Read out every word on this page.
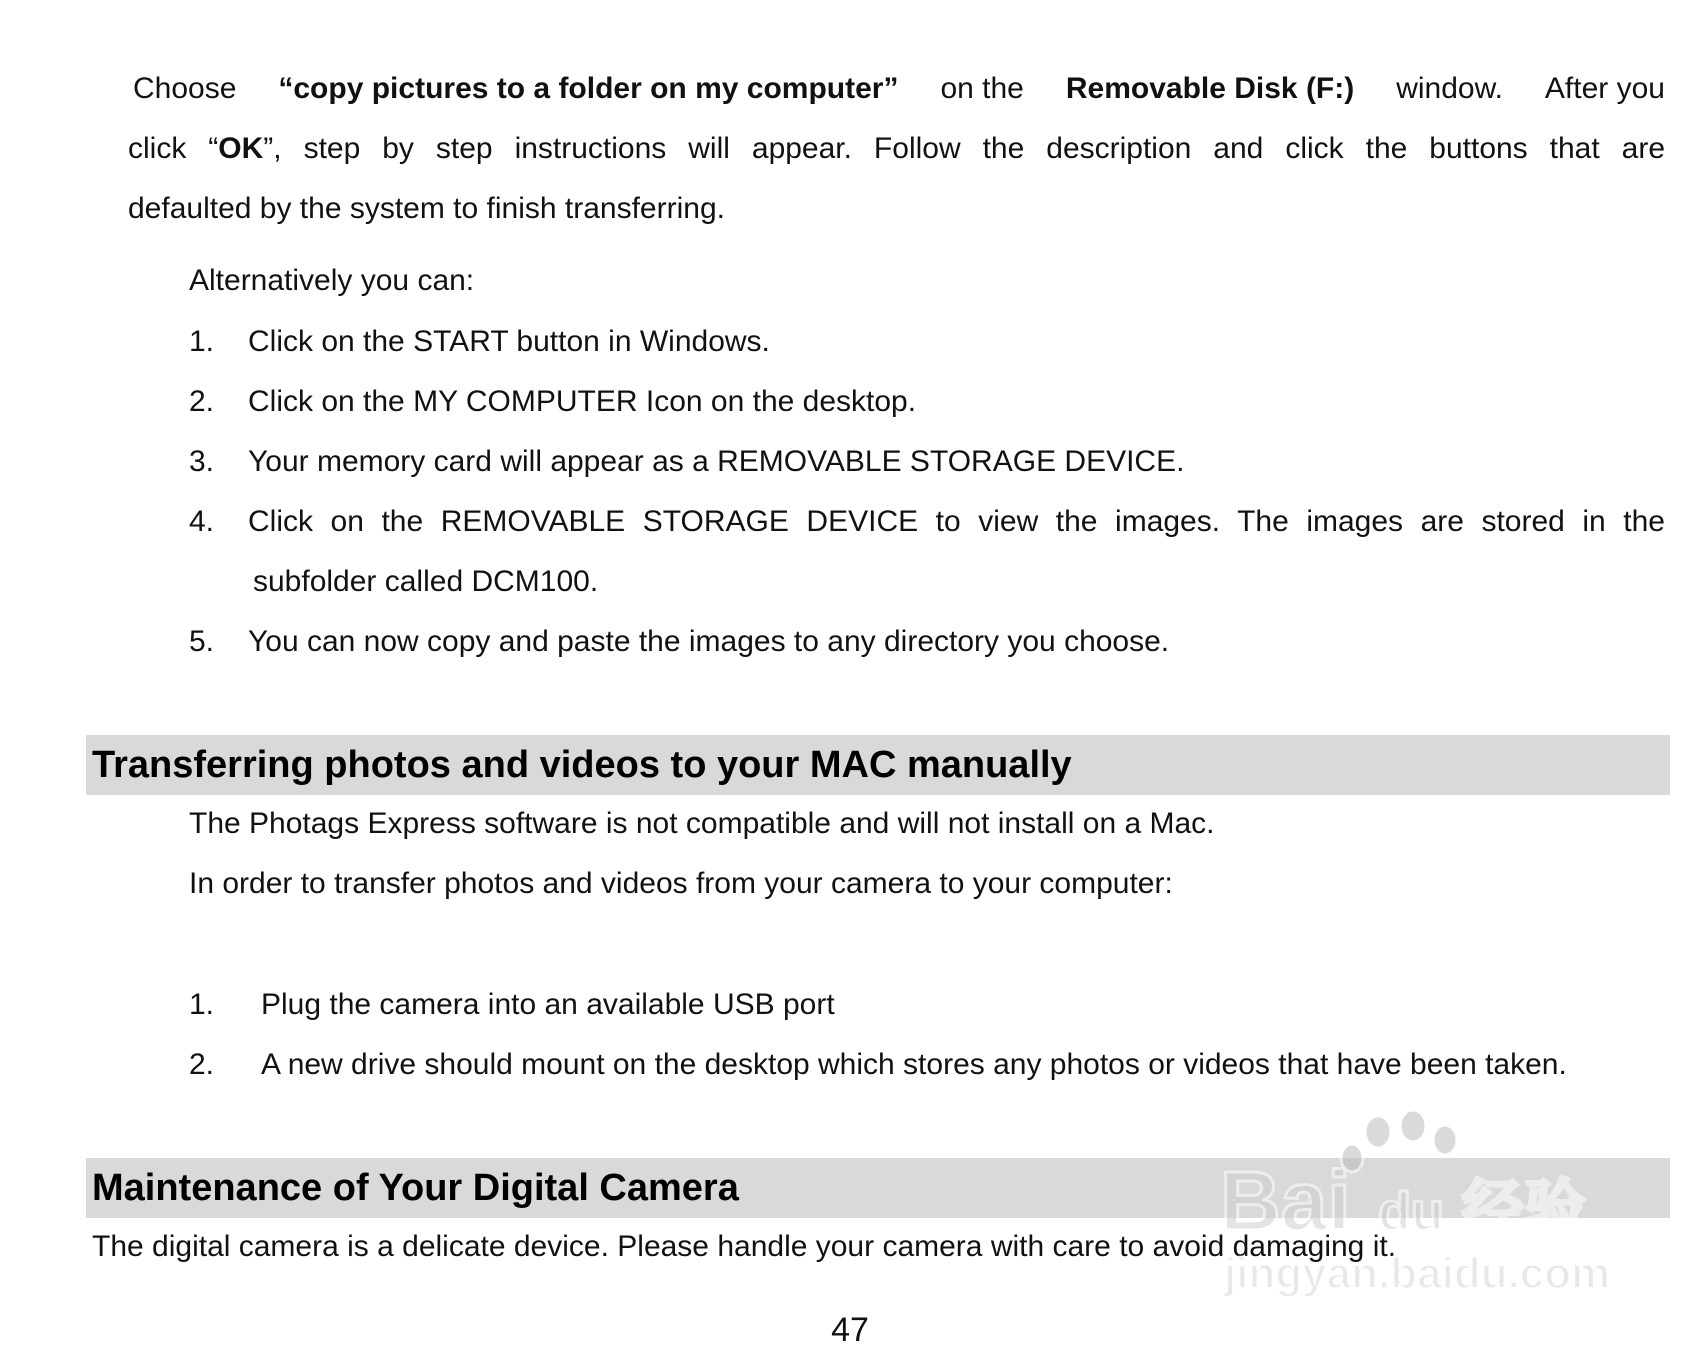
Choose “copy pictures to a folder on my computer” on the Removable Disk (F:) window. After you
click “OK”, step by step instructions will appear. Follow the description and click the buttons that are
defaulted by the system to finish transferring.
Alternatively you can:
1. Click on the START button in Windows.
2. Click on the MY COMPUTER Icon on the desktop.
3. Your memory card will appear as a REMOVABLE STORAGE DEVICE.
4. Click on the REMOVABLE STORAGE DEVICE to view the images. The images are stored in the
subfolder called DCM100.
5. You can now copy and paste the images to any directory you choose.
Transferring photos and videos to your MAC manually
The Photags Express software is not compatible and will not install on a Mac.
In order to transfer photos and videos from your camera to your computer:
1. Plug the camera into an available USB port
2. A new drive should mount on the desktop which stores any photos or videos that have been taken.
Maintenance of Your Digital Camera
The digital camera is a delicate device. Please handle your camera with care to avoid damaging it.
Bai du 经验
jingyan.baidu.com
47
